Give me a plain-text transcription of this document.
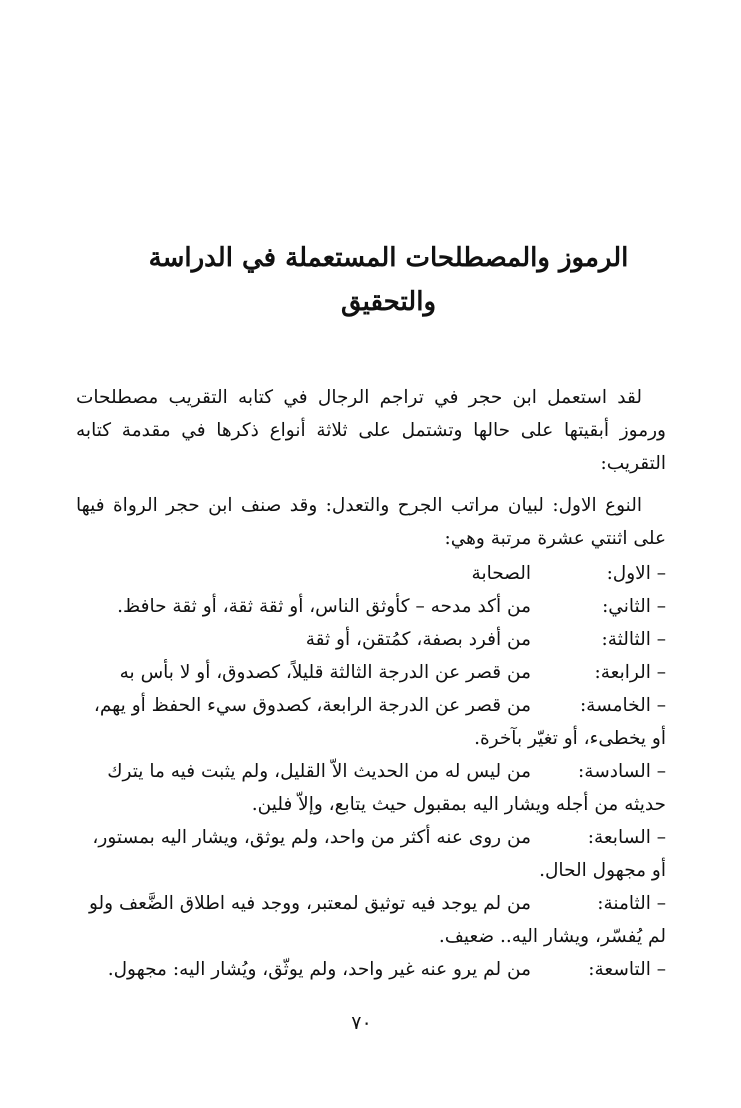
الرموز والمصطلحات المستعملة في الدراسة
والتحقيق
لقد استعمل ابن حجر في تراجم الرجال في كتابه التقريب مصطلحات ورموز أبقيتها على حالها وتشتمل على ثلاثة أنواع ذكرها في مقدمة كتابه التقريب:
النوع الاول: لبيان مراتب الجرح والتعدل: وقد صنف ابن حجر الرواة فيها على اثنتي عشرة مرتبة وهي:
– الاول:
الصحابة
– الثاني:
من أكد مدحه – كأوثق الناس، أو ثقة ثقة، أو ثقة حافظ.
– الثالثة:
من أفرد بصفة، كمُتقن، أو ثقة
– الرابعة:
من قصر عن الدرجة الثالثة قليلاً، كصدوق، أو لا بأس به
– الخامسة:
من قصر عن الدرجة الرابعة، كصدوق سيء الحفظ أو يهم،
أو يخطىء، أو تغيّر بآخرة.
– السادسة:
من ليس له من الحديث الاّ القليل، ولم يثبت فيه ما يترك
حديثه من أجله ويشار اليه بمقبول حيث يتابع، وإلاّ فلين.
– السابعة:
من روى عنه أكثر من واحد، ولم يوثق، ويشار اليه بمستور،
أو مجهول الحال.
– الثامنة:
من لم يوجد فيه توثيق لمعتبر، ووجد فيه اطلاق الضَّعف ولو
لم يُفسّر، ويشار اليه.. ضعيف.
– التاسعة:
من لم يرو عنه غير واحد، ولم يوثّق، ويُشار اليه: مجهول.
٧٠
